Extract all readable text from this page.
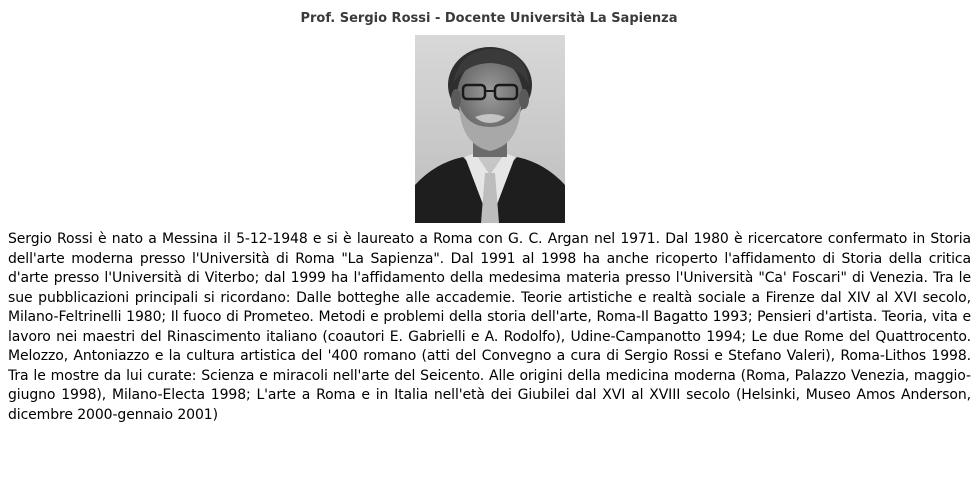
Prof. Sergio Rossi - Docente Università La Sapienza

Sergio Rossi è nato a Messina il 5-12-1948 e si è laureato a Roma con G. C. Argan nel 1971. Dal 1980 è ricercatore confermato in Storia dell'arte moderna presso l'Università di Roma "La Sapienza". Dal 1991 al 1998 ha anche ricoperto l'affidamento di Storia della critica d'arte presso l'Università di Viterbo; dal 1999 ha l'affidamento della medesima materia presso l'Università "Ca' Foscari" di Venezia. Tra le sue pubblicazioni principali si ricordano: Dalle botteghe alle accademie. Teorie artistiche e realtà sociale a Firenze dal XIV al XVI secolo, Milano-Feltrinelli 1980; Il fuoco di Prometeo. Metodi e problemi della storia dell'arte, Roma-Il Bagatto 1993; Pensieri d'artista. Teoria, vita e lavoro nei maestri del Rinascimento italiano (coautori E. Gabrielli e A. Rodolfo), Udine-Campanotto 1994; Le due Rome del Quattrocento. Melozzo, Antoniazzo e la cultura artistica del '400 romano (atti del Convegno a cura di Sergio Rossi e Stefano Valeri), Roma-Lithos 1998. Tra le mostre da lui curate: Scienza e miracoli nell'arte del Seicento. Alle origini della medicina moderna (Roma, Palazzo Venezia, maggio-giugno 1998), Milano-Electa 1998; L'arte a Roma e in Italia nell'età dei Giubilei dal XVI al XVIII secolo (Helsinki, Museo Amos Anderson, dicembre 2000-gennaio 2001)
